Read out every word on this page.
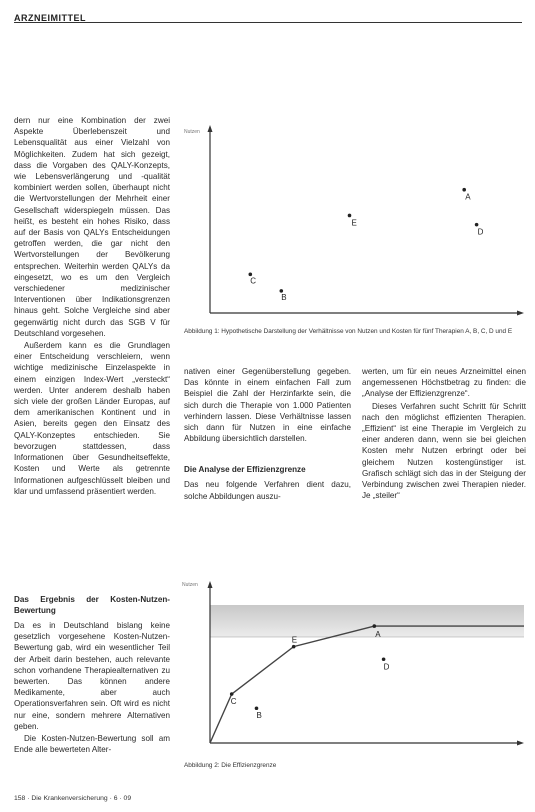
ARZNEIMITTEL

dern nur eine Kombination der zwei Aspekte Überlebenszeit und Lebensqualität aus einer Vielzahl von Möglichkeiten. Zudem hat sich gezeigt, dass die Vorgaben des QALY-Konzepts, wie Lebensverlängerung und -qualität kombiniert werden sollen, überhaupt nicht die Wertvorstellungen der Mehrheit einer Gesellschaft widerspiegeln müssen. Das heißt, es besteht ein hohes Risiko, dass auf der Basis von QALYs Entscheidungen getroffen werden, die gar nicht den Wertvorstellungen der Bevölkerung entsprechen. Weiterhin werden QALYs da eingesetzt, wo es um den Vergleich verschiedener medizinischer Interventionen über Indikationsgrenzen hinaus geht. Solche Vergleiche sind aber gegenwärtig nicht durch das SGB V für Deutschland vorgesehen.

Außerdem kann es die Grundlagen einer Entscheidung verschleiern, wenn wichtige medizinische Einzelaspekte in einem einzigen Index-Wert „versteckt“ werden. Unter anderem deshalb haben sich viele der großen Länder Europas, auf dem amerikanischen Kontinent und in Asien, bereits gegen den Einsatz des QALY-Konzeptes entschieden. Sie bevorzugen stattdessen, dass Informationen über Gesundheitseffekte, Kosten und Werte als getrennte Informationen aufgeschlüsselt bleiben und klar und umfassend präsentiert werden.

Das Ergebnis der Kosten-Nutzen-Bewertung

Da es in Deutschland bislang keine gesetzlich vorgesehene Kosten-Nutzen-Bewertung gab, wird ein wesentlicher Teil der Arbeit darin bestehen, auch relevante schon vorhandene Therapiealternativen zu bewerten. Das können andere Medikamente, aber auch Operationsverfahren sein. Oft wird es nicht nur eine, sondern mehrere Alternativen geben.

Die Kosten-Nutzen-Bewertung soll am Ende alle bewerteten Alter-

nativen einer Gegenüberstellung gegeben. Das könnte in einem einfachen Fall zum Beispiel die Zahl der Herzinfarkte sein, die sich durch die Therapie von 1.000 Patienten verhindern lassen. Diese Verhältnisse lassen sich dann für Nutzen in eine einfache Abbildung übersichtlich darstellen.

Die Analyse der Effizienzgrenze

Das neu folgende Verfahren dient dazu, solche Abbildungen auszu-

werten, um für ein neues Arzneimittel einen angemessenen Höchstbetrag zu finden: die „Analyse der Effizienzgrenze“.

Dieses Verfahren sucht Schritt für Schritt nach den möglichst effizienten Therapien. „Effizient“ ist eine Therapie im Vergleich zu einer anderen dann, wenn sie bei gleichen Kosten mehr Nutzen erbringt oder bei gleichem Nutzen kostengünstiger ist. Grafisch schlägt sich das in der Steigung der Verbindung zwischen zwei Therapien nieder. Je „steiler“

Nutzen
A
B
C
D
E
Abbildung 1: Hypothetische Darstellung der Verhältnisse von Nutzen und Kosten für fünf Therapien A, B, C, D und E
Nutzen
A
B
C
D
E
Abbildung 2: Die Effizienzgrenze
158 · Die Krankenversicherung · 6 · 09
